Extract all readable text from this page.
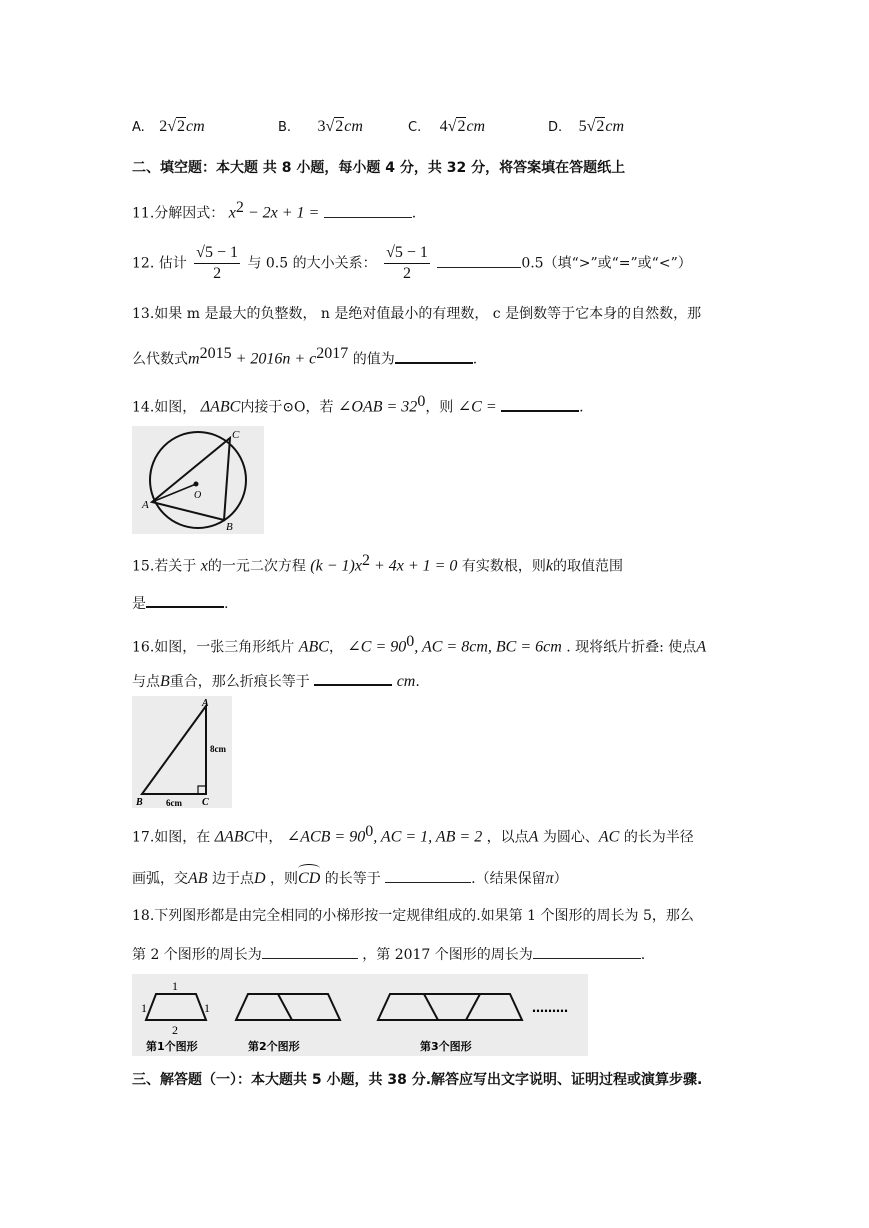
A. 2√2cm	B. 3√2cm	C. 4√2cm	D. 5√2cm
二、填空题：本大题 共 8 小题，每小题 4 分，共 32 分，将答案填在答题纸上
11.分解因式： $x^2 - 2x + 1$ =	.
12. 估计 $\frac{√5 - 1}{2}$ 与 0.5 的大小关系： $\frac{√5 - 1}{2}$	0.5（填“>”或“=”或“<”）
13.如果 m 是最大的负整数， n 是绝对值最小的有理数， c 是倒数等于它本身的自然数，那
么代数式$m^{2015} + 2016n + c^{2017}$ 的值为	.
14.如图， ΔABC内接于⊙O，若 ∠OAB = $32^0$，则 ∠C =	.
A
B
C
O
15.若关于 x的一元二次方程 $(k - 1)x^2 + 4x + 1 = 0$ 有实数根，则k的取值范围
是	.
16.如图，一张三角形纸片 ABC， ∠C = $90^0$, AC = 8cm, BC = 6cm . 现将纸片折叠: 使点A
与点B重合，那么折痕长等于	cm.
A
B	C
8cm
6cm
17.如图，在 ΔABC中， ∠ACB = $90^0$, AC = 1, AB = 2 ，以点A 为圆心、AC 的长为半径
画弧，交AB 边于点D ，则
CD 的长等于	.（结果保留π）
18.下列图形都是由完全相同的小梯形按一定规律组成的.如果第 1 个图形的周长为 5，那么
第 2 个图形的周长为	，第 2017 个图形的周长为	.
1
1	1
2
第1个图形	第2个图形	第3个图形
………
三、解答题（一）：本大题共 5 小题，共 38 分.解答应写出文字说明、证明过程或演算步骤.
